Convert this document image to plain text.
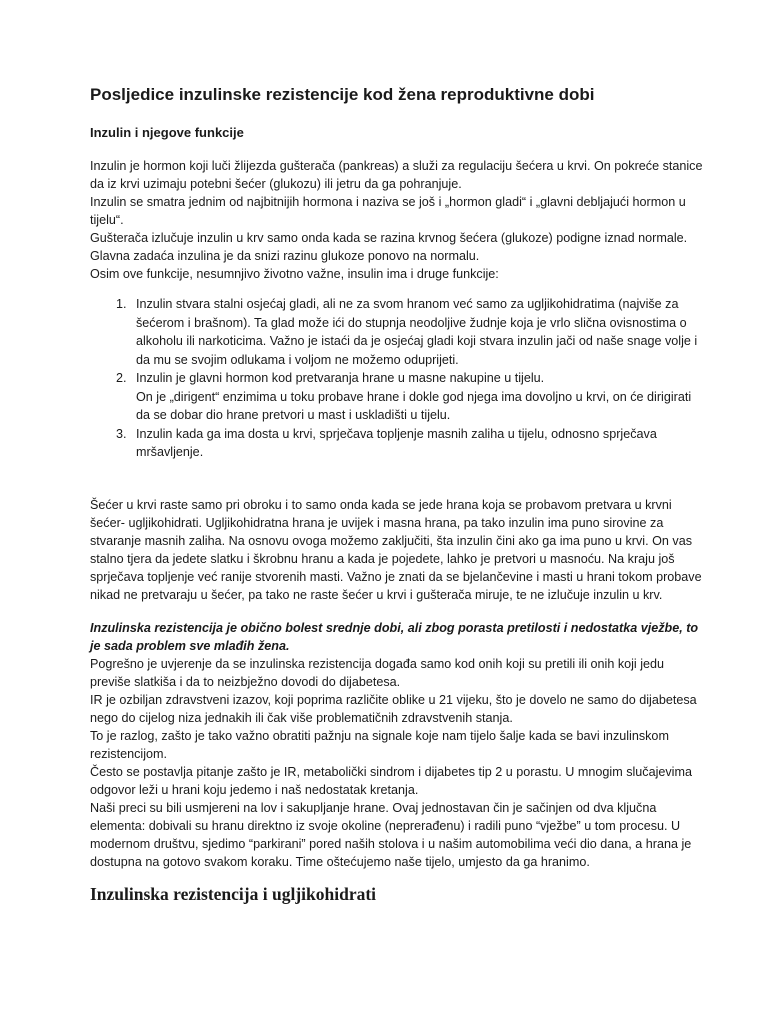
Posljedice inzulinske rezistencije kod žena reproduktivne dobi
Inzulin i njegove funkcije

Inzulin je hormon koji luči žlijezda gušterača (pankreas) a služi za regulaciju šećera u krvi. On pokreće stanice da iz krvi uzimaju potebni šećer (glukozu) ili jetru da ga pohranjuje.

Inzulin se smatra jednim od najbitnijih hormona i naziva se još i „hormon gladi“ i „glavni debljajući hormon u tijelu“.

Gušterača izlučuje inzulin u krv samo onda kada se razina krvnog šećera (glukoze) podigne iznad normale. Glavna zadaća inzulina je da snizi razinu glukoze ponovo na normalu.

Osim ove funkcije, nesumnjivo životno važne, insulin ima i druge funkcije:

1. Inzulin stvara stalni osjećaj gladi, ali ne za svom hranom već samo za ugljikohidratima (najviše za šećerom i brašnom). Ta glad može ići do stupnja neodoljive žudnje koja je vrlo slična ovisnostima o alkoholu ili narkoticima. Važno je istaći da je osjećaj gladi koji stvara inzulin jači od naše snage volje i da mu se svojim odlukama i voljom ne možemo oduprijeti.
2. Inzulin je glavni hormon kod pretvaranja hrane u masne nakupine u tijelu.
On je „dirigent“ enzimima u toku probave hrane i dokle god njega ima dovoljno u krvi, on će dirigirati da se dobar dio hrane pretvori u mast i uskladišti u tijelu.
3. Inzulin kada ga ima dosta u krvi, sprječava topljenje masnih zaliha u tijelu, odnosno sprječava mršavljenje.

Šećer u krvi raste samo pri obroku i to samo onda kada se jede hrana koja se probavom pretvara u krvni šećer- ugljikohidrati. Ugljikohidratna hrana je uvijek i masna hrana, pa tako inzulin ima puno sirovine za stvaranje masnih zaliha. Na osnovu ovoga možemo zaključiti, šta inzulin čini ako ga ima puno u krvi. On vas stalno tjera da jedete slatku i škrobnu hranu a kada je pojedete, lahko je pretvori u masnoću. Na kraju još sprječava topljenje već ranije stvorenih masti. Važno je znati da se bjelančevine i masti u hrani tokom probave nikad ne pretvaraju u šećer, pa tako ne raste šećer u krvi i gušterača miruje, te ne izlučuje inzulin u krv.

Inzulinska rezistencija je obično bolest srednje dobi, ali zbog porasta pretilosti i nedostatka vježbe, to je sada problem sve mlađih žena.

Pogrešno je uvjerenje da se inzulinska rezistencija događa samo kod onih koji su pretili ili onih koji jedu previše slatkiša i da to neizbježno dovodi do dijabetesa.

IR je ozbiljan zdravstveni izazov, koji poprima različite oblike u 21 vijeku, što je dovelo ne samo do dijabetesa nego do cijelog niza jednakih ili čak više problematičnih zdravstvenih stanja.

To je razlog, zašto je tako važno obratiti pažnju na signale koje nam tijelo šalje kada se bavi inzulinskom rezistencijom.

Često se postavlja pitanje zašto je IR, metabolički sindrom i dijabetes tip 2 u porastu. U mnogim slučajevima odgovor leži u hrani koju jedemo i naš nedostatak kretanja.

Naši preci su bili usmjereni na lov i sakupljanje hrane. Ovaj jednostavan čin je sačinjen od dva ključna elementa: dobivali su hranu direktno iz svoje okoline (neprerađenu) i radili puno “vježbe” u tom procesu. U modernom društvu, sjedimo “parkirani” pored naših stolova i u našim automobilima veći dio dana, a hrana je dostupna na gotovo svakom koraku. Time oštećujemo naše tijelo, umjesto da ga hranimo.

Inzulinska rezistencija i ugljikohidrati
